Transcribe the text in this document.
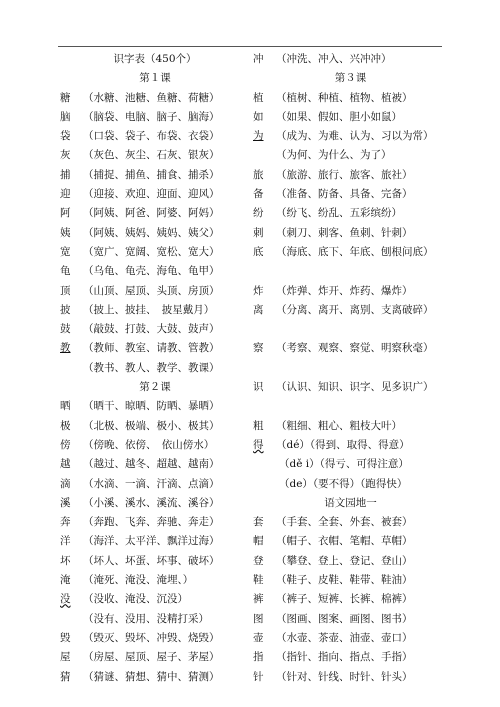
识字表（450个）
第１课
糖 （水糖、池糖、鱼糖、荷糖）
脑 （脑袋、电脑、脑子、脑海）
袋 （口袋、袋子、布袋、衣袋）
灰 （灰色、灰尘、石灰、银灰）
捕 （捕捉、捕鱼、捕食、捕杀）
迎 （迎接、欢迎、迎面、迎风）
阿 （阿姨、阿爸、阿婆、阿妈）
姨 （阿姨、姨妈、姨妈、姨父）
宽 （宽广、宽阔、宽松、宽大）
龟 （乌龟、龟壳、海龟、龟甲）
顶 （山顶、屋顶、头顶、房顶）
披 （披上、披挂、　披星戴月）
鼓 （敲鼓、打鼓、大鼓、鼓声）
教 （教师、教室、请教、管教）
（教书、教人、教学、教课）
第２课
晒 （晒干、晾晒、防晒、暴晒）
极 （北极、极端、极小、极其）
傍 （傍晚、依傍、　依山傍水）
越 （越过、越冬、超越、越南）
滴 （水滴、一滴、汗滴、点滴）
溪 （小溪、溪水、溪流、溪谷）
奔 （奔跑、飞奔、奔驰、奔走）
洋 （海洋、太平洋、飘洋过海）
坏 （坏人、坏蛋、坏事、破坏）
淹 （淹死、淹没、淹埋、）
没 （没收、淹没、沉没）
（没有、没用、没精打采）
毁 （毁灭、毁坏、冲毁、烧毁）
屋 （房屋、屋顶、屋子、茅屋）
猜 （猜谜、猜想、猜中、猜测）
冲 （冲洗、冲入、兴冲冲）
第３课
植 （植树、种植、植物、植被）
如 （如果、假如、胆小如鼠）
为 （成为、为难、认为、习以为常）
（为何、为什么、为了）
旅 （旅游、旅行、旅客、旅社）
备 （准备、防备、具备、完备）
纷 （纷飞、纷乱、五彩缤纷）
刺 （刺刀、刺客、鱼刺、针刺）
底 （海底、底下、年底、刨根问底）
炸 （炸弹、炸开、炸药、爆炸）
离 （分离、离开、离别、支离破碎）
察 （考察、观察、察觉、明察秋毫）
识 （认识、知识、识字、见多识广）
粗 （粗细、粗心、粗枝大叶）
得 （dé）（得到、取得、得意）
（dě i）（得亏、可得注意）
（de）（要不得）（跑得快）
语文园地一
套 （手套、全套、外套、被套）
帽 （帽子、衣帽、笔帽、草帽）
登 （攀登、登上、登记、登山）
鞋 （鞋子、皮鞋、鞋带、鞋油）
裤 （裤子、短裤、长裤、棉裤）
图 （图画、图案、画图、图书）
壶 （水壶、茶壶、油壶、壶口）
指 （指针、指向、指点、手指）
针 （针对、针线、时针、针头）
